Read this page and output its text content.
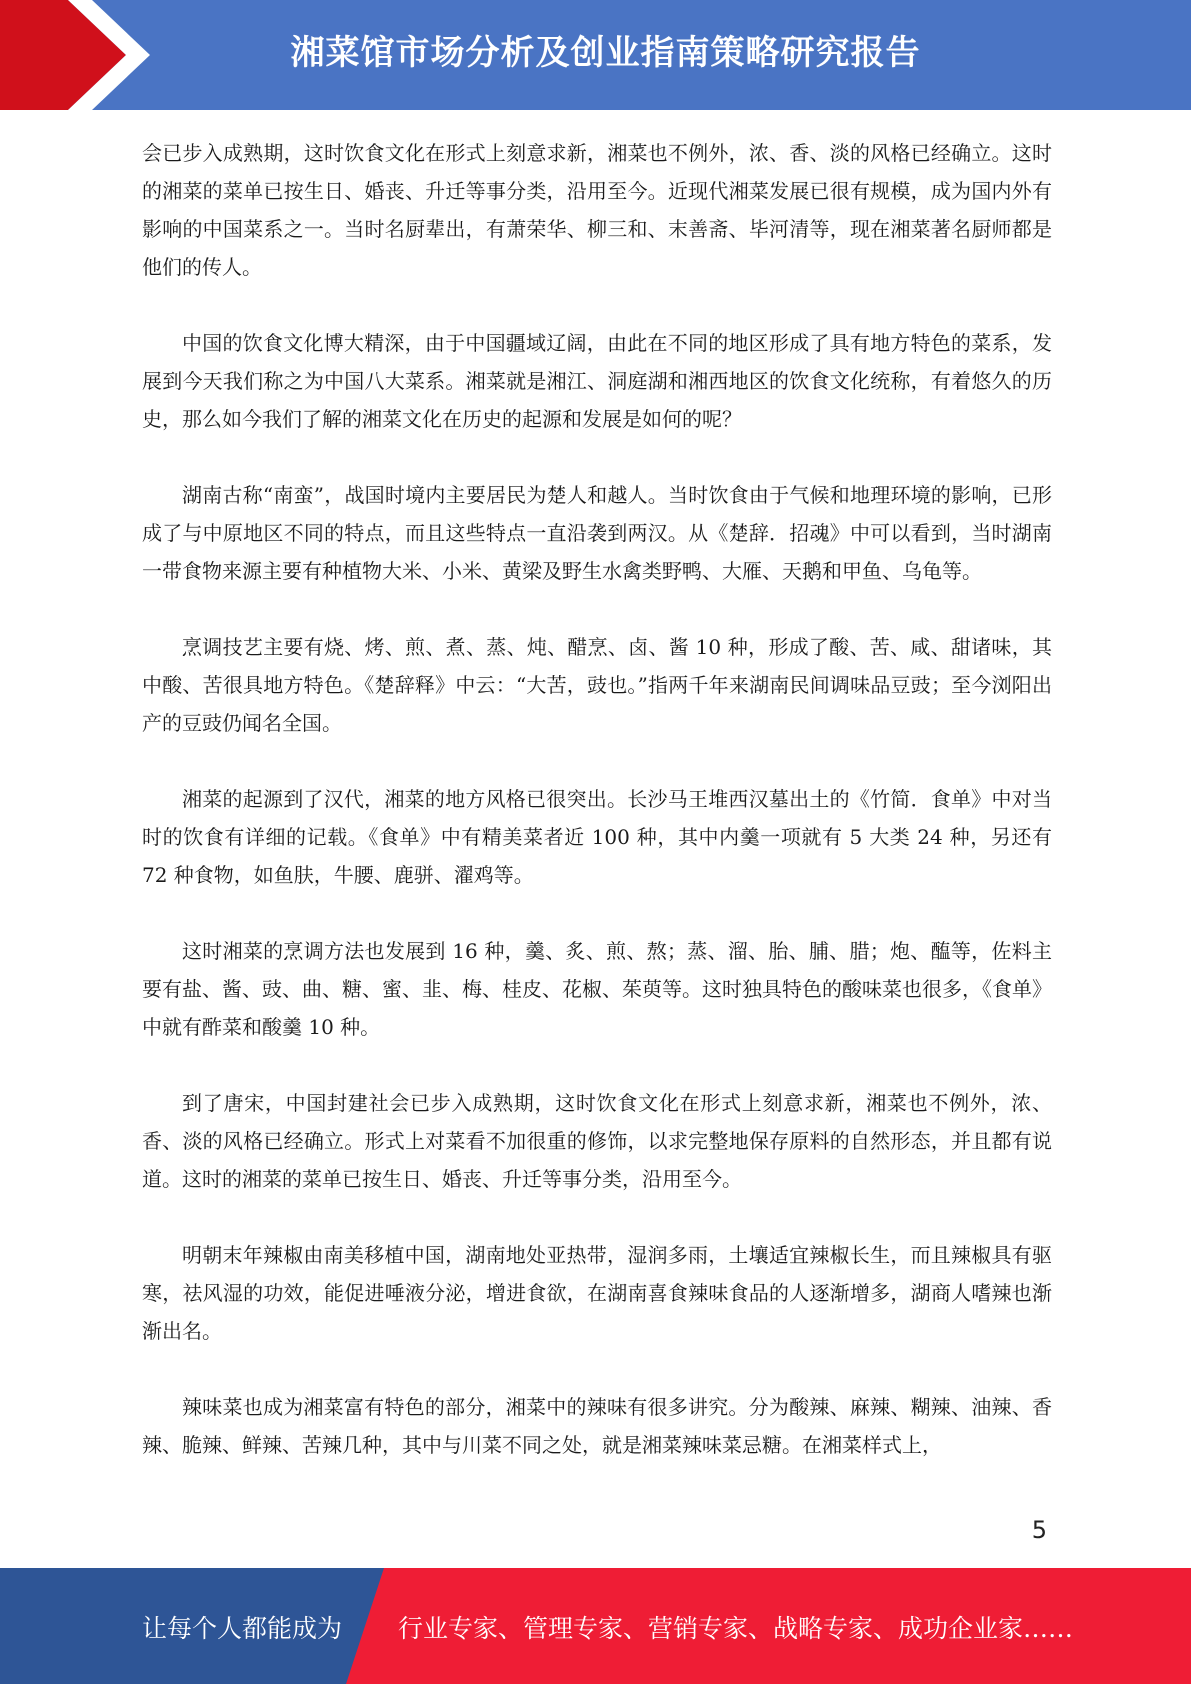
湘菜馆市场分析及创业指南策略研究报告

会已步入成熟期，这时饮食文化在形式上刻意求新，湘菜也不例外，浓、香、淡的风格已经确立。这时的湘菜的菜单已按生日、婚丧、升迁等事分类，沿用至今。近现代湘菜发展已很有规模，成为国内外有影响的中国菜系之一。当时名厨辈出，有萧荣华、柳三和、末善斋、毕河清等，现在湘菜著名厨师都是他们的传人。

中国的饮食文化博大精深，由于中国疆域辽阔，由此在不同的地区形成了具有地方特色的菜系，发展到今天我们称之为中国八大菜系。湘菜就是湘江、洞庭湖和湘西地区的饮食文化统称，有着悠久的历史，那么如今我们了解的湘菜文化在历史的起源和发展是如何的呢？

湖南古称“南蛮”，战国时境内主要居民为楚人和越人。当时饮食由于气候和地理环境的影响，已形成了与中原地区不同的特点，而且这些特点一直沿袭到两汉。从《楚辞．招魂》中可以看到，当时湖南一带食物来源主要有种植物大米、小米、黄梁及野生水禽类野鸭、大雁、天鹅和甲鱼、乌龟等。

烹调技艺主要有烧、烤、煎、煮、蒸、炖、醋烹、卤、酱 10 种，形成了酸、苦、咸、甜诸味，其中酸、苦很具地方特色。《楚辞释》中云：“大苦，豉也。”指两千年来湖南民间调味品豆豉；至今浏阳出产的豆豉仍闻名全国。

湘菜的起源到了汉代，湘菜的地方风格已很突出。长沙马王堆西汉墓出土的《竹简．食单》中对当时的饮食有详细的记载。《食单》中有精美菜者近 100 种，其中内羹一项就有 5 大类 24 种，另还有 72 种食物，如鱼肤，牛腰、鹿骈、濯鸡等。

这时湘菜的烹调方法也发展到 16 种，羹、炙、煎、熬；蒸、溜、胎、脯、腊；炮、醢等，佐料主要有盐、酱、豉、曲、糖、蜜、韭、梅、桂皮、花椒、茱萸等。这时独具特色的酸味菜也很多，《食单》中就有酢菜和酸羹 10 种。

到了唐宋，中国封建社会已步入成熟期，这时饮食文化在形式上刻意求新，湘菜也不例外，浓、香、淡的风格已经确立。形式上对菜看不加很重的修饰，以求完整地保存原料的自然形态，并且都有说道。这时的湘菜的菜单已按生日、婚丧、升迁等事分类，沿用至今。

明朝末年辣椒由南美移植中国，湖南地处亚热带，湿润多雨，土壤适宜辣椒长生，而且辣椒具有驱寒，祛风湿的功效，能促进唾液分泌，增进食欲，在湖南喜食辣味食品的人逐渐增多，湖商人嗜辣也渐渐出名。

辣味菜也成为湘菜富有特色的部分，湘菜中的辣味有很多讲究。分为酸辣、麻辣、糊辣、油辣、香辣、脆辣、鲜辣、苦辣几种，其中与川菜不同之处，就是湘菜辣味菜忌糖。在湘菜样式上，

5
让每个人都能成为 行业专家、管理专家、营销专家、战略专家、成功企业家……
